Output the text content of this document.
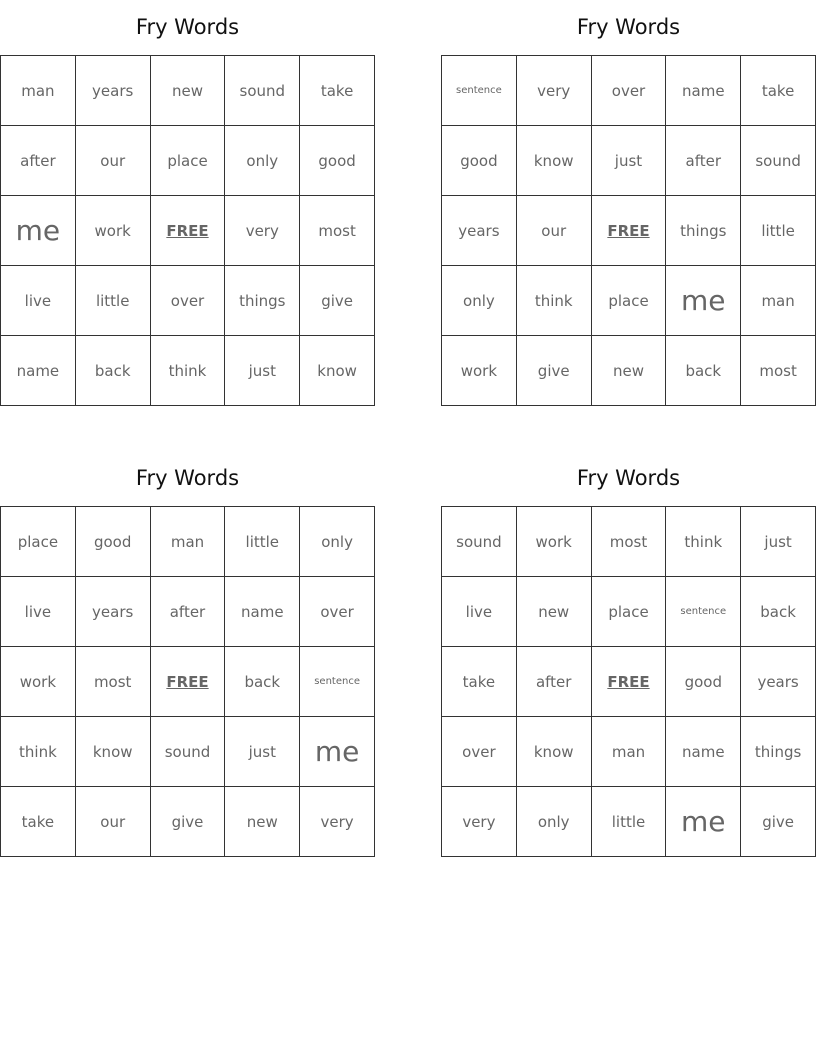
Fry Words
man	years	new	sound	take
after	our	place	only	good
me	work	FREE	very	most
live	little	over	things	give
name	back	think	just	know
Fry Words
sentence	very	over	name	take
good	know	just	after	sound
years	our	FREE	things	little
only	think	place	me	man
work	give	new	back	most
Fry Words
place	good	man	little	only
live	years	after	name	over
work	most	FREE	back	sentence
think	know	sound	just	me
take	our	give	new	very
Fry Words
sound	work	most	think	just
live	new	place	sentence	back
take	after	FREE	good	years
over	know	man	name	things
very	only	little	me	give
